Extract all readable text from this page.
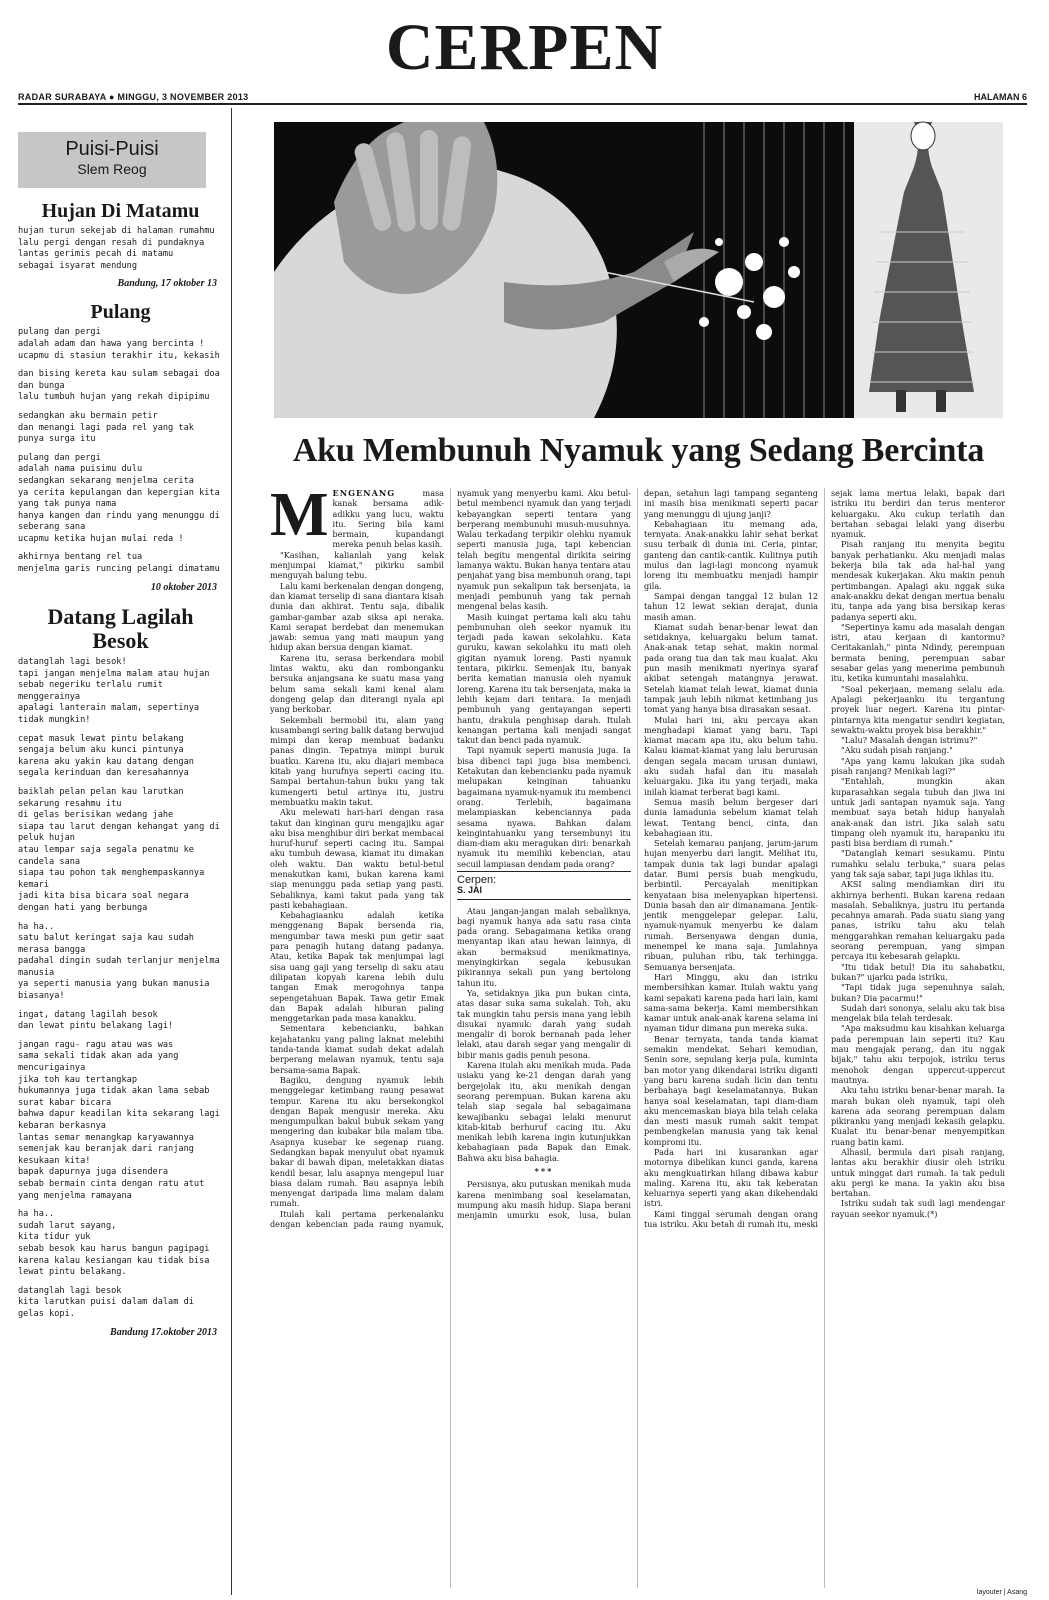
CERPEN
RADAR SURABAYA ● MINGGU, 3 NOVEMBER 2013	HALAMAN 6
Puisi-Puisi
Slem Reog
Hujan Di Matamu
hujan turun sekejab di halaman rumahmu
lalu pergi dengan resah di pundaknya
lantas gerimis pecah di matamu
sebagai isyarat mendung
Bandung, 17 oktober 13
Pulang
pulang dan pergi
adalah adam dan hawa yang bercinta !
ucapmu di stasiun terakhir itu, kekasih
dan bising kereta kau sulam sebagai doa dan bunga
lalu tumbuh hujan yang rekah dipipimu
sedangkan aku bermain petir
dan menangi lagi pada rel yang tak punya surga itu
pulang dan pergi
adalah nama puisimu dulu
sedangkan sekarang menjelma cerita
ya cerita kepulangan dan kepergian kita yang tak punya nama
hanya kangen dan rindu yang menunggu di seberang sana
ucapmu ketika hujan mulai reda !
akhirnya bentang rel tua
menjelma garis runcing pelangi dimatamu
10 oktober 2013
Datang Lagilah Besok
datanglah lagi besok!
tapi jangan menjelma malam atau hujan
sebab negeriku terlalu rumit menggerainya
apalagi lanterain malam, sepertinya tidak mungkin!
cepat masuk lewat pintu belakang
sengaja belum aku kunci pintunya
karena aku yakin kau datang dengan segala kerinduan dan keresahannya
baiklah pelan pelan kau larutkan sekarung resahmu itu
di gelas berisikan wedang jahe
siapa tau larut dengan kehangat yang di peluk hujan
atau lempar saja segala penatmu ke candela sana
siapa tau pohon tak menghempaskannya kemari
jadi kita bisa bicara soal negara dengan hati yang berbunga
ha ha..
satu balut keringat saja kau sudah merasa bangga
padahal dingin sudah terlanjur menjelma manusia
ya seperti manusia yang bukan manusia biasanya!
ingat, datang lagilah besok
dan lewat pintu belakang lagi!
jangan ragu- ragu atau was was
sama sekali tidak akan ada yang mencurigainya
jika toh kau tertangkap
hukumannya juga tidak akan lama sebab surat kabar bicara
bahwa dapur keadilan kita sekarang lagi kebaran berkasnya
lantas semar menangkap karyawannya
semenjak kau beranjak dari ranjang kesukaan kita!
bapak dapurnya juga disendera
sebab bermain cinta dengan ratu atut yang menjelma ramayana
ha ha..
sudah larut sayang,
kita tidur yuk
sebab besok kau harus bangun pagipagi
karena kalau kesiangan kau tidak bisa lewat pintu belakang.
datanglah lagi besok
kita larutkan puisi dalam dalam di gelas kopi.
Bandung 17.oktober 2013
Aku Membunuh Nyamuk yang Sedang Bercinta

MENGENANG	masa kanak bersama adik-adikku yang lucu, waktu itu. Sering bila kami bermain, kupandangi mereka penuh belas kasih.

"Kasihan, kalianlah yang kelak menjumpai kiamat," pikirku sambil menguyah balung tebu.

Lalu kami berkenalan dengan dongeng, dan kiamat terselip di sana diantara kisah dunia dan akhirat. Tentu saja, dibalik gambar-gambar azab siksa api neraka. Kami serapat berdebat dan menemukan jawab: semua yang mati maupun yang hidup akan bersua dengan kiamat.

Karena itu, serasa berkendara mobil lintas waktu, aku dan rombonganku bersuka anjangsana ke suatu masa yang belum sama sekali kami kenal alam dongeng gelap dan diterangi nyala api yang berkobar.

Sekembali bermobil itu, alam yang kusambangi sering balik datang berwujud mimpi dan kerap membuat badanku panas dingin. Tepatnya mimpi buruk buatku. Karena itu, aku diajari membaca kitab yang hurufnya seperti cacing itu. Sampai bertahun-tahun buku yang tak kumengerti betul artinya itu, justru membuatku makin takut.

Aku melewati hari-hari dengan rasa takut dan kinginan guru mengajiku agar aku bisa menghibur diri berkat membacai huruf-huruf seperti cacing itu. Sampai aku tumbuh dewasa, kiamat itu dimakan oleh waktu. Dan waktu betul-betul menakutkan kami, bukan karena kami siap menunggu pada setiap yang pasti. Sebaliknya, kami takut pada yang tak pasti kebahagiaan.

Kebahagiaanku adalah ketika menggenang Bapak bersenda ria, mengumbar tawa meski pun getir saat para penagih hutang datang padanya. Atau, ketika Bapak tak menjumpai lagi sisa uang gaji yang terselip di saku atau dilipatan kopyah karena lebih dulu tangan Emak merogohnya tanpa sepengetahuan Bapak. Tawa getir Emak dan Bapak adalah hiburan paling menggetarkan pada masa kanakku.

Sementara kebencianku, bahkan kejahatanku yang paling laknat melebihi tanda-tanda kiamat sudah dekat adalah berperang melawan nyamuk, tentu saja bersama-sama Bapak.

Bagiku, dengung nyamuk lebih menggelegar ketimbang raung pesawat tempur. Karena itu aku bersekongkol dengan Bapak mengusir mereka. Aku mengumpulkan bakul bubuk sekam yang mengering dan kubakar bila malam tiba. Asapnya kusebar ke segenap ruang. Sedangkan bapak menyulut obat nyamuk bakar di bawah dipan, meletakkan diatas kendil besar, lalu asapnya mengepul luar biasa dalam rumah. Bau asapnya lebih menyengat daripada lima malam dalam rumah.

Itulah kali pertama perkenalanku dengan kebencian pada raung nyamuk, nyamuk yang menyerbu kami. Aku betul-betul membenci nyamuk dan yang terjadi kebayangkan seperti tentara yang berperang membunuhi musuh-musuhnya. Walau terkadang terpikir olehku nyamuk seperti manusia juga, tapi kebencian telah begitu mengental dirikita seiring lamanya waktu. Bukan hanya tentara atau penjahat yang bisa membunuh orang, tapi nyamuk pun sekalipun tak bersenjata, ia menjadi pembunuh yang tak pernah mengenal belas kasih.

Masih kuingat pertama kali aku tahu pembunuhan oleh seekor nyamuk itu terjadi pada kawan sekolahku. Kata guruku, kawan sekolahku itu mati oleh gigitan nyamuk loreng. Pasti nyamuk tentara, pikirku. Semenjak itu, banyak berita kematian manusia oleh nyamuk loreng. Karena itu tak bersenjata, maka ia lebih kejam dari tentara. Ia menjadi pembunuh yang gentayangan seperti hantu, drakula penghisap darah. Itulah kenangan pertama kali menjadi sangat takut dan benci pada nyamuk.

Tapi nyamuk seperti manusia juga. Ia bisa dibenci tapi juga bisa membenci. Ketakutan dan kebencianku pada nyamuk melupakan keinginan tahuanku bagaimana nyamuk-nyamuk itu membenci orang. Terlebih, bagaimana melampiaskan kebenciannya pada sesama nyawa. Bahkan dalam keingintahuanku yang tersembunyi itu diam-diam aku meragukan diri: benarkah nyamuk itu memiliki kebencian, atau secuil lampiasan dendam pada orang?

Cerpen:
S. JAI

Atau jangan-jangan malah sebaliknya, bagi nyamuk hanya ada satu rasa cinta pada orang. Sebagaimana ketika orang menyantap ikan atau hewan lainnya, di akan bermaksud menikmatinya, menyingkirkan segala kebusukan pikirannya sekali pun yang bertolong tahun itu.

Ya, setidaknya jika pun bukan cinta, atas dasar suka sama sukalah. Toh, aku tak mungkin tahu persis mana yang lebih disukai nyamuk: darah yang sudah mengalir di borok bernanah pada leher lelaki, atau darah segar yang mengalir di bibir manis gadis penuh pesona.

Karena itulah aku menikah muda. Pada usiaku yang ke-21 dengan darah yang bergejolak itu, aku menikah dengan seorang perempuan. Bukan karena aku telah siap segala hal sebagaimana kewajibanku sebagai lelaki menurut kitab-kitab berhuruf cacing itu. Aku menikah lebih karena ingin kutunjukkan kebahagiaan pada Bapak dan Emak. Bahwa aku bisa bahagia.

***

Persisnya, aku putuskan menikah muda karena menimbang soal keselamatan, mumpung aku masih hidup. Siapa berani menjamin umurku esok, lusa, bulan depan, setahun lagi tampang seganteng ini masih bisa menikmati seperti pacar yang menunggu di ujung janji?

Kebahagiaan itu memang ada, ternyata. Anak-anakku lahir sehat berkat susu terbaik di dunia ini. Ceria, pintar, ganteng dan cantik-cantik. Kulitnya putih mulus dan lagi-lagi moncong nyamuk loreng itu membuatku menjadi hampir gila.

Sampai dengan tanggal 12 bulan 12 tahun 12 lewat sekian derajat, dunia masih aman.

Kiamat sudah benar-benar lewat dan setidaknya, keluargaku belum tamat. Anak-anak tetap sehat, makin normal pada orang tua dan tak mau kualat. Aku pun masih menikmati nyerinya syaraf akibat setengah matangnya jerawat. Setelah kiamat telah lewat, kiamat dunia tampak jauh lebih nikmat ketimbang jus tomat yang hanya bisa dirasakan sesaat.

Mulai hari ini, aku percaya akan menghadapi kiamat yang baru. Tapi kiamat macam apa itu, aku belum tahu. Kalau kiamat-kiamat yang lalu berurusan dengan segala macam urusan duniawi, aku sudah hafal dan itu masalah keluargaku. Jika itu yang terjadi, maka inilah kiamat terberat bagi kami.

Semua masih belum bergeser dari dunia lamadunia sebelum kiamat telah lewat. Tentang benci, cinta, dan kebahagiaan itu.

Setelah kemarau panjang, jarum-jarum hujan menyerbu dari langit. Melihat itu, tampak dunia tak lagi bundar apalagi datar. Bumi persis buah mengkudu, berbintil. Percayalah menitipkan kenyataan bisa melenyapkan hipertensi. Dunia basah dan air dimanamana. Jentik-jentik menggelepar gelepar. Lalu, nyamuk-nyamuk menyerbu ke dalam rumah. Bersenyawa dengan dunia, menempel ke mana saja. Jumlahnya ribuan, puluhan ribu, tak terhingga. Semuanya bersenjata.

Hari Minggu, aku dan istriku membersihkan kamar. Itulah waktu yang kami sepakati karena pada hari lain, kami sama-sama bekerja. Kami membersihkan kamar untuk anak-anak karena selama ini nyaman tidur dimana pun mereka suka.

Benar ternyata, tanda tanda kiamat semakin mendekat. Sehari kemudian, Senin sore, sepulang kerja pula, kuminta ban motor yang dikendarai istriku diganti yang baru karena sudah licin dan tentu berbahaya bagi keselamatannya. Bukan hanya soal keselamatan, tapi diam-diam aku mencemaskan biaya bila telah celaka dan mesti masuk rumah sakit tempat pembengkelan manusia yang tak kenal kompromi itu.

Pada hari ini kusarankan agar motornya dibelikan kunci ganda, karena aku mengkuatirkan hilang dibawa kabur maling. Karena itu, aku tak keberatan keluarnya seperti yang akan dikehendaki istri.

Kami tinggal serumah dengan orang tua istriku. Aku betah di rumah itu, meski sejak lama mertua lelaki, bapak dari istriku itu berdiri dan terus menteror keluargaku. Aku cukup terlatih dan bertahan sebagai lelaki yang diserbu nyamuk.

Pisah ranjang itu menyita begitu banyak perhatianku. Aku menjadi malas bekerja bila tak ada hal-hal yang mendesak kukerjakan. Aku makin penuh pertimbangan. Apalagi aku nggak suka anak-anakku dekat dengan mertua benalu itu, tanpa ada yang bisa bersikap keras padanya seperti aku.

"Sepertinya kamu ada masalah dengan istri, atau kerjaan di kantormu? Ceritakanlah," pinta Ndindy, perempuan bermata bening, perempuan sabar sesabar gelas yang menerima pembunuh itu, ketika kumuntahi masalahku.

"Soal pekerjaan, memang selalu ada. Apalagi pekerjaanku itu tergantung proyek luar negeri. Karena itu pintar-pintarnya kita mengatur sendiri kegiatan, sewaktu-waktu proyek bisa berakhir."

"Lalu? Masalah dengan istrimu?"

"Aku sudah pisah ranjang."

"Apa yang kamu lakukan jika sudah pisah ranjang? Menikah lagi?"

"Entahlah, mungkin akan kuparasahkan segala tubuh dan jiwa ini untuk jadi santapan nyamuk saja. Yang membuat saya betah hidup hanyalah anak-anak dan istri. Jika salah satu timpang oleh nyamuk itu, harapanku itu pasti bisa berdiam di rumah."

"Datanglah kemari sesukamu. Pintu rumahku selalu terbuka," suara pelas yang tak saja sabar, tapi juga ikhlas itu.

AKSI saling mendiamkan diri itu akhirnya berhenti. Bukan karena redaan masalah. Sebaliknya, justru itu pertanda pecahnya amarah. Pada suatu siang yang panas, istriku tahu aku telah menggarahkan remahan keluargaku pada seorang perempuan, yang simpan percaya itu kebesarah gelapku.

"Itu tidak betul! Dia itu sahabatku, bukan?" ujarku pada istriku.

"Tapi tidak juga sepenuhnya salah, bukan? Dia pacarmu!"

Sudah dari sononya, selalu aku tak bisa mengelak bila telah terdesak.

"Apa maksudmu kau kisahkan keluarga pada perempuan lain seperti itu? Kau mau mengajak perang, dan itu nggak bijak," tahu aku terpojok, istriku terus menohok dengan uppercut-uppercut mautnya.

Aku tahu istriku benar-benar marah. Ia marah bukan oleh nyamuk, tapi oleh karena ada seorang perempuan dalam pikiranku yang menjadi kekasih gelapku. Kualat itu benar-benar menyempitkan ruang batin kami.

Alhasil, bermula dari pisah ranjang, lantas aku berakhir diusir oleh istriku untuk minggat dari rumah. Ia tak peduli aku pergi ke mana. Ia yakin aku bisa bertahan.

Istriku sudah tak sudi lagi mendengar rayuan seekor nyamuk.(*)

layouter | Asang
